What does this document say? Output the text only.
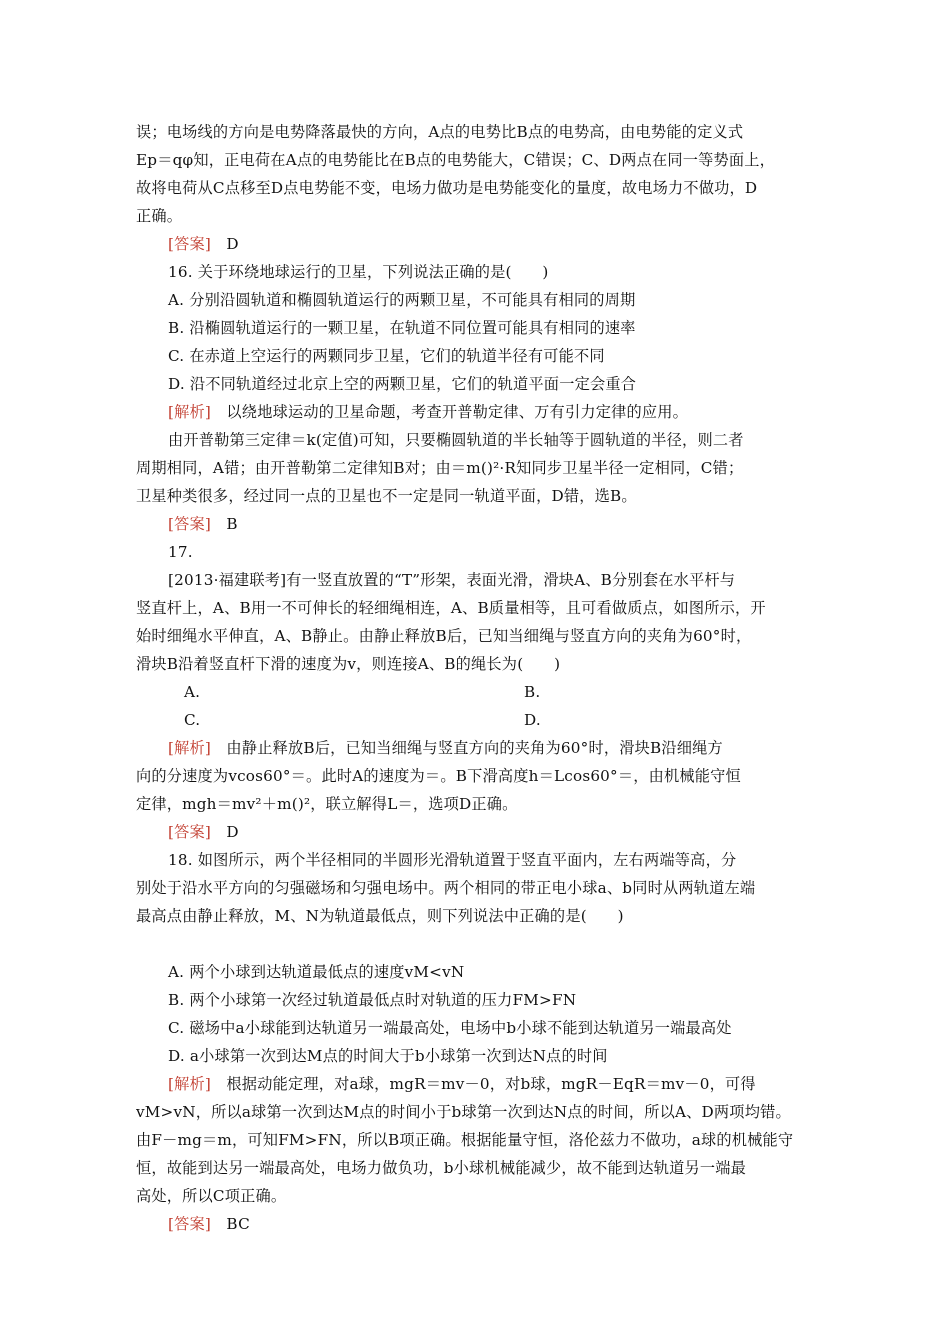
误；电场线的方向是电势降落最快的方向，A点的电势比B点的电势高，由电势能的定义式
Ep＝qφ知，正电荷在A点的电势能比在B点的电势能大，C错误；C、D两点在同一等势面上，
故将电荷从C点移至D点电势能不变，电场力做功是电势能变化的量度，故电场力不做功，D
正确。
[答案]　 D
16. 关于环绕地球运行的卫星，下列说法正确的是(　　)
A. 分别沿圆轨道和椭圆轨道运行的两颗卫星，不可能具有相同的周期
B. 沿椭圆轨道运行的一颗卫星，在轨道不同位置可能具有相同的速率
C. 在赤道上空运行的两颗同步卫星，它们的轨道半径有可能不同
D. 沿不同轨道经过北京上空的两颗卫星，它们的轨道平面一定会重合
[解析]　 以绕地球运动的卫星命题，考查开普勒定律、万有引力定律的应用。
由开普勒第三定律＝k(定值)可知，只要椭圆轨道的半长轴等于圆轨道的半径，则二者
周期相同，A错；由开普勒第二定律知B对；由＝m()²·R知同步卫星半径一定相同，C错；
卫星种类很多，经过同一点的卫星也不一定是同一轨道平面，D错，选B。
[答案]　 B
17.
[2013·福建联考]有一竖直放置的“T”形架，表面光滑，滑块A、B分别套在水平杆与
竖直杆上，A、B用一不可伸长的轻细绳相连，A、B质量相等，且可看做质点，如图所示，开
始时细绳水平伸直，A、B静止。由静止释放B后，已知当细绳与竖直方向的夹角为60°时，
滑块B沿着竖直杆下滑的速度为v，则连接A、B的绳长为(　　)
A.	B.
C.	D.
[解析]　 由静止释放B后，已知当细绳与竖直方向的夹角为60°时，滑块B沿细绳方
向的分速度为vcos60°＝。此时A的速度为＝。B下滑高度h＝Lcos60°＝，由机械能守恒
定律，mgh＝mv²＋m()²，联立解得L＝，选项D正确。
[答案]　 D
18. 如图所示，两个半径相同的半圆形光滑轨道置于竖直平面内，左右两端等高，分
别处于沿水平方向的匀强磁场和匀强电场中。两个相同的带正电小球a、b同时从两轨道左端
最高点由静止释放，M、N为轨道最低点，则下列说法中正确的是(　　)
A. 两个小球到达轨道最低点的速度vM<vN
B. 两个小球第一次经过轨道最低点时对轨道的压力FM>FN
C. 磁场中a小球能到达轨道另一端最高处，电场中b小球不能到达轨道另一端最高处
D. a小球第一次到达M点的时间大于b小球第一次到达N点的时间
[解析]　 根据动能定理，对a球，mgR＝mv－0，对b球，mgR－EqR＝mv－0，可得
vM>vN，所以a球第一次到达M点的时间小于b球第一次到达N点的时间，所以A、D两项均错。
由F－mg＝m，可知FM>FN，所以B项正确。根据能量守恒，洛伦兹力不做功，a球的机械能守
恒，故能到达另一端最高处，电场力做负功，b小球机械能减少，故不能到达轨道另一端最
高处，所以C项正确。
[答案]　 BC
